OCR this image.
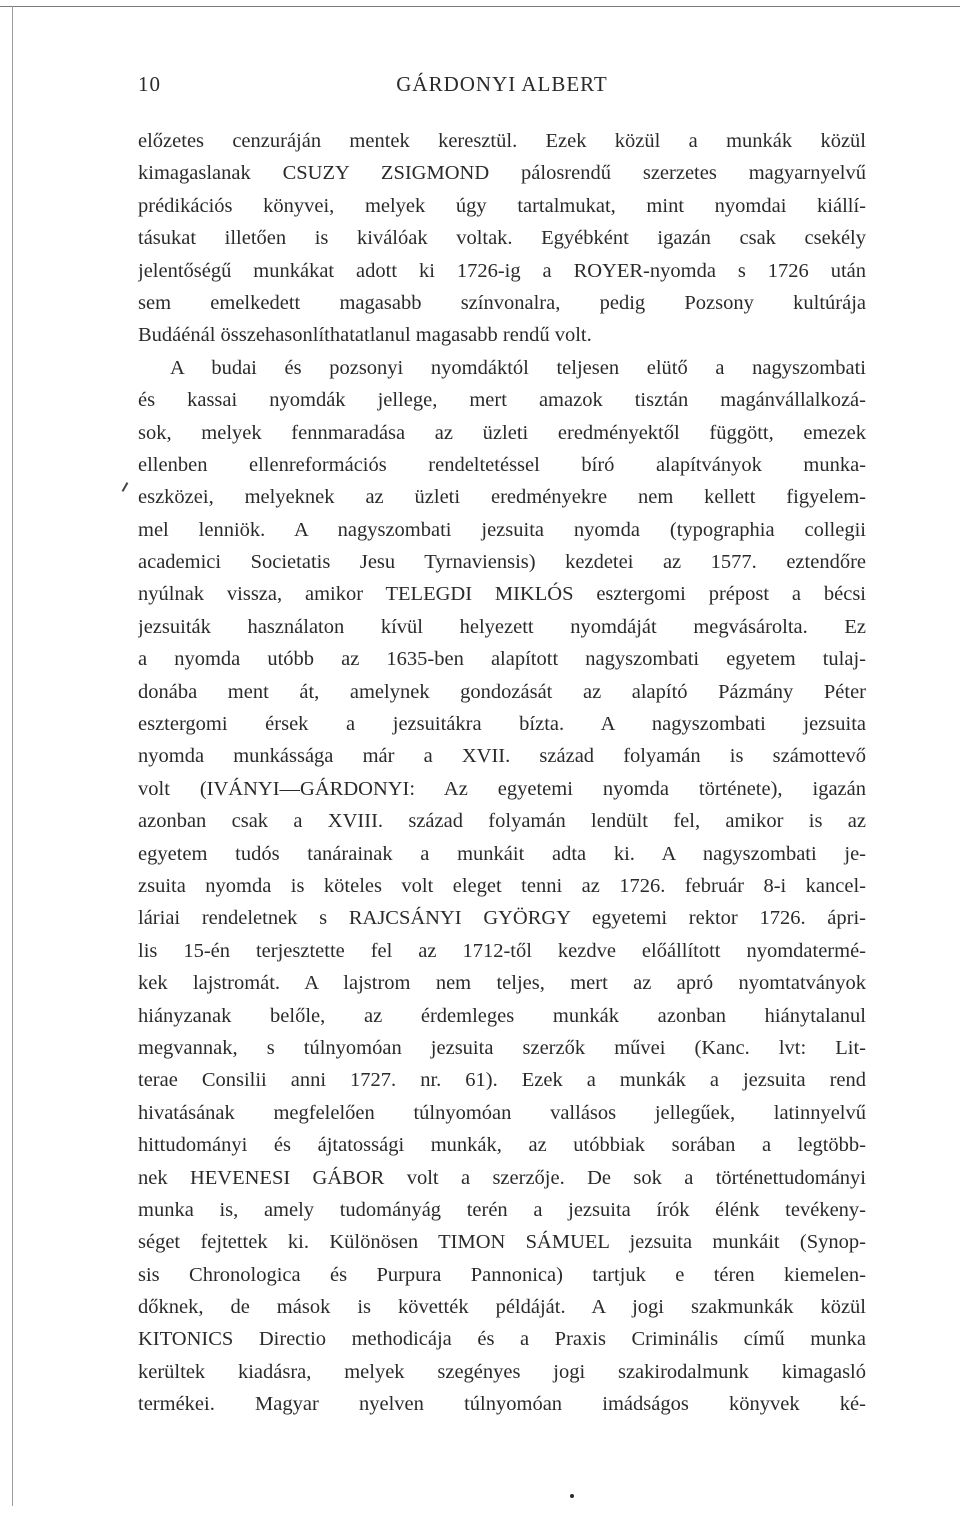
10	GÁRDONYI ALBERT
előzetes cenzuráján mentek keresztül. Ezek közül a munkák közül
kimagaslanak CSUZY ZSIGMOND pálosrendű szerzetes magyarnyelvű
prédikációs könyvei, melyek úgy tartalmukat, mint nyomdai kiállí-
tásukat illetően is kiválóak voltak. Egyébként igazán csak csekély
jelentőségű munkákat adott ki 1726-ig a ROYER-nyomda s 1726 után
sem emelkedett magasabb színvonalra, pedig Pozsony kultúrája
Budáénál összehasonlíthatatlanul magasabb rendű volt.
A budai és pozsonyi nyomdáktól teljesen elütő a nagyszombati
és kassai nyomdák jellege, mert amazok tisztán magánvállalkozá-
sok, melyek fennmaradása az üzleti eredményektől függött, emezek
ellenben ellenreformációs rendeltetéssel bíró alapítványok munka-
eszközei, melyeknek az üzleti eredményekre nem kellett figyelem-
mel lenniök. A nagyszombati jezsuita nyomda (typographia collegii
academici Societatis Jesu Tyrnaviensis) kezdetei az 1577. eztendőre
nyúlnak vissza, amikor TELEGDI MIKLÓS esztergomi prépost a bécsi
jezsuiták használaton kívül helyezett nyomdáját megvásárolta. Ez
a nyomda utóbb az 1635-ben alapított nagyszombati egyetem tulaj-
donába ment át, amelynek gondozását az alapító Pázmány Péter
esztergomi érsek a jezsuitákra bízta. A nagyszombati jezsuita
nyomda munkássága már a XVII. század folyamán is számottevő
volt (IVÁNYI—GÁRDONYI: Az egyetemi nyomda története), igazán
azonban csak a XVIII. század folyamán lendült fel, amikor is az
egyetem tudós tanárainak a munkáit adta ki. A nagyszombati je-
zsuita nyomda is köteles volt eleget tenni az 1726. február 8-i kancel-
láriai rendeletnek s RAJCSÁNYI GYÖRGY egyetemi rektor 1726. ápri-
lis 15-én terjesztette fel az 1712-től kezdve előállított nyomdatermé-
kek lajstromát. A lajstrom nem teljes, mert az apró nyomtatványok
hiányzanak belőle, az érdemleges munkák azonban hiánytalanul
megvannak, s túlnyomóan jezsuita szerzők művei (Kanc. lvt: Lit-
terae Consilii anni 1727. nr. 61). Ezek a munkák a jezsuita rend
hivatásának megfelelően túlnyomóan vallásos jellegűek, latinnyelvű
hittudományi és ájtatossági munkák, az utóbbiak sorában a legtöbb-
nek HEVENESI GÁBOR volt a szerzője. De sok a történettudományi
munka is, amely tudományág terén a jezsuita írók élénk tevékeny-
séget fejtettek ki. Különösen TIMON SÁMUEL jezsuita munkáit (Synop-
sis Chronologica és Purpura Pannonica) tartjuk e téren kiemelen-
dőknek, de mások is követték példáját. A jogi szakmunkák közül
KITONICS Directio methodicája és a Praxis Criminális című munka
kerültek kiadásra, melyek szegényes jogi szakirodalmunk kimagasló
termékei. Magyar nyelven túlnyomóan imádságos könyvek ké-
